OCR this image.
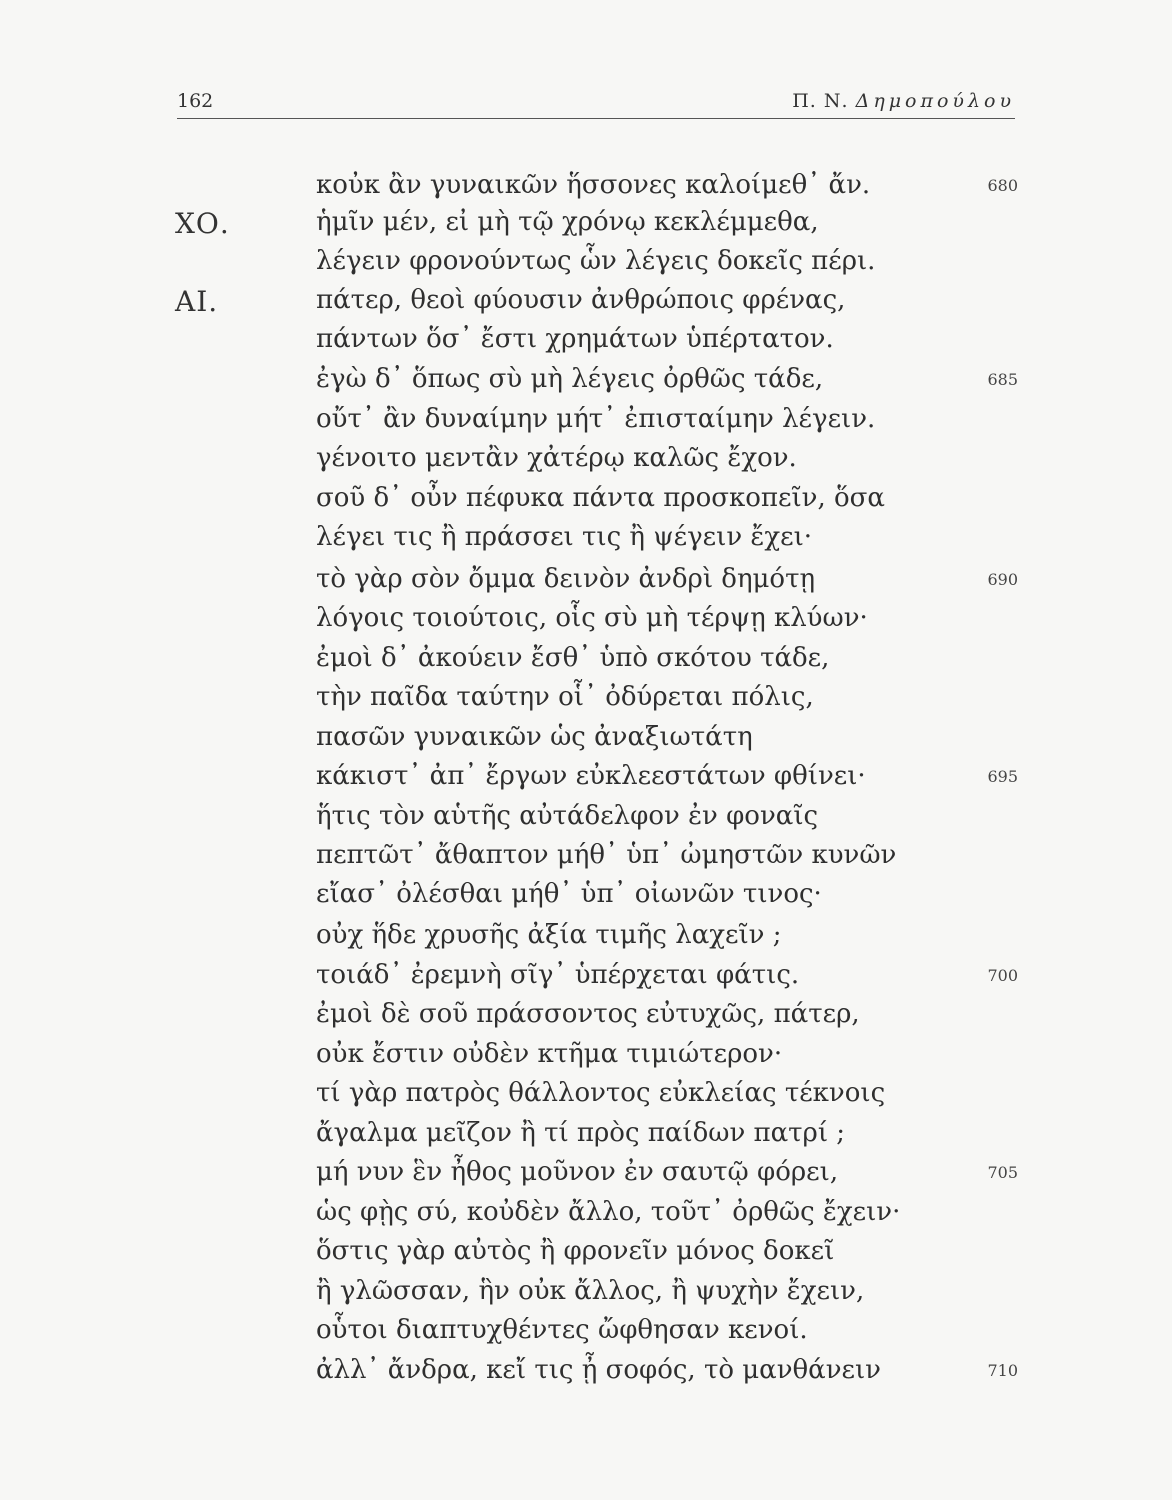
162	Π. Ν. Δημοπούλου
κοὐκ ἂν γυναικῶν ἥσσονες καλοίμεθ᾿ ἄν.	680
ΧΟ.	ἡμῖν μέν, εἰ μὴ τῷ χρόνῳ κεκλέμμεθα,
λέγειν φρονούντως ὧν λέγεις δοκεῖς πέρι.
ΑΙ.	πάτερ, θεοὶ φύουσιν ἀνθρώποις φρένας,
πάντων ὅσ᾿ ἔστι χρημάτων ὑπέρτατον.
ἐγὼ δ᾿ ὅπως σὺ μὴ λέγεις ὀρθῶς τάδε,	685
οὔτ᾿ ἂν δυναίμην μήτ᾿ ἐπισταίμην λέγειν.
γένοιτο μεντἂν χἀτέρῳ καλῶς ἔχον.
σοῦ δ᾿ οὖν πέφυκα πάντα προσκοπεῖν, ὅσα
λέγει τις ἢ πράσσει τις ἢ ψέγειν ἔχει·
τὸ γὰρ σὸν ὄμμα δεινὸν ἀνδρὶ δημότῃ	690
λόγοις τοιούτοις, οἷς σὺ μὴ τέρψῃ κλύων·
ἐμοὶ δ᾿ ἀκούειν ἔσθ᾿ ὑπὸ σκότου τάδε,
τὴν παῖδα ταύτην οἷ᾿ ὀδύρεται πόλις,
πασῶν γυναικῶν ὡς ἀναξιωτάτη
κάκιστ᾿ ἀπ᾿ ἔργων εὐκλεεστάτων φθίνει·	695
ἥτις τὸν αὑτῆς αὐτάδελφον ἐν φοναῖς
πεπτῶτ᾿ ἄθαπτον μήθ᾿ ὑπ᾿ ὠμηστῶν κυνῶν
εἴασ᾿ ὀλέσθαι μήθ᾿ ὑπ᾿ οἰωνῶν τινος·
οὐχ ἥδε χρυσῆς ἀξία τιμῆς λαχεῖν ;
τοιάδ᾿ ἐρεμνὴ σῖγ᾿ ὑπέρχεται φάτις.	700
ἐμοὶ δὲ σοῦ πράσσοντος εὐτυχῶς, πάτερ,
οὐκ ἔστιν οὐδὲν κτῆμα τιμιώτερον·
τί γὰρ πατρὸς θάλλοντος εὐκλείας τέκνοις
ἄγαλμα μεῖζον ἢ τί πρὸς παίδων πατρί ;
μή νυν ἓν ἦθος μοῦνον ἐν σαυτῷ φόρει,	705
ὡς φῂς σύ, κοὐδὲν ἄλλο, τοῦτ᾿ ὀρθῶς ἔχειν·
ὅστις γὰρ αὐτὸς ἢ φρονεῖν μόνος δοκεῖ
ἢ γλῶσσαν, ἣν οὐκ ἄλλος, ἢ ψυχὴν ἔχειν,
οὗτοι διαπτυχθέντες ὤφθησαν κενοί.
ἀλλ᾿ ἄνδρα, κεἴ τις ᾖ σοφός, τὸ μανθάνειν	710
